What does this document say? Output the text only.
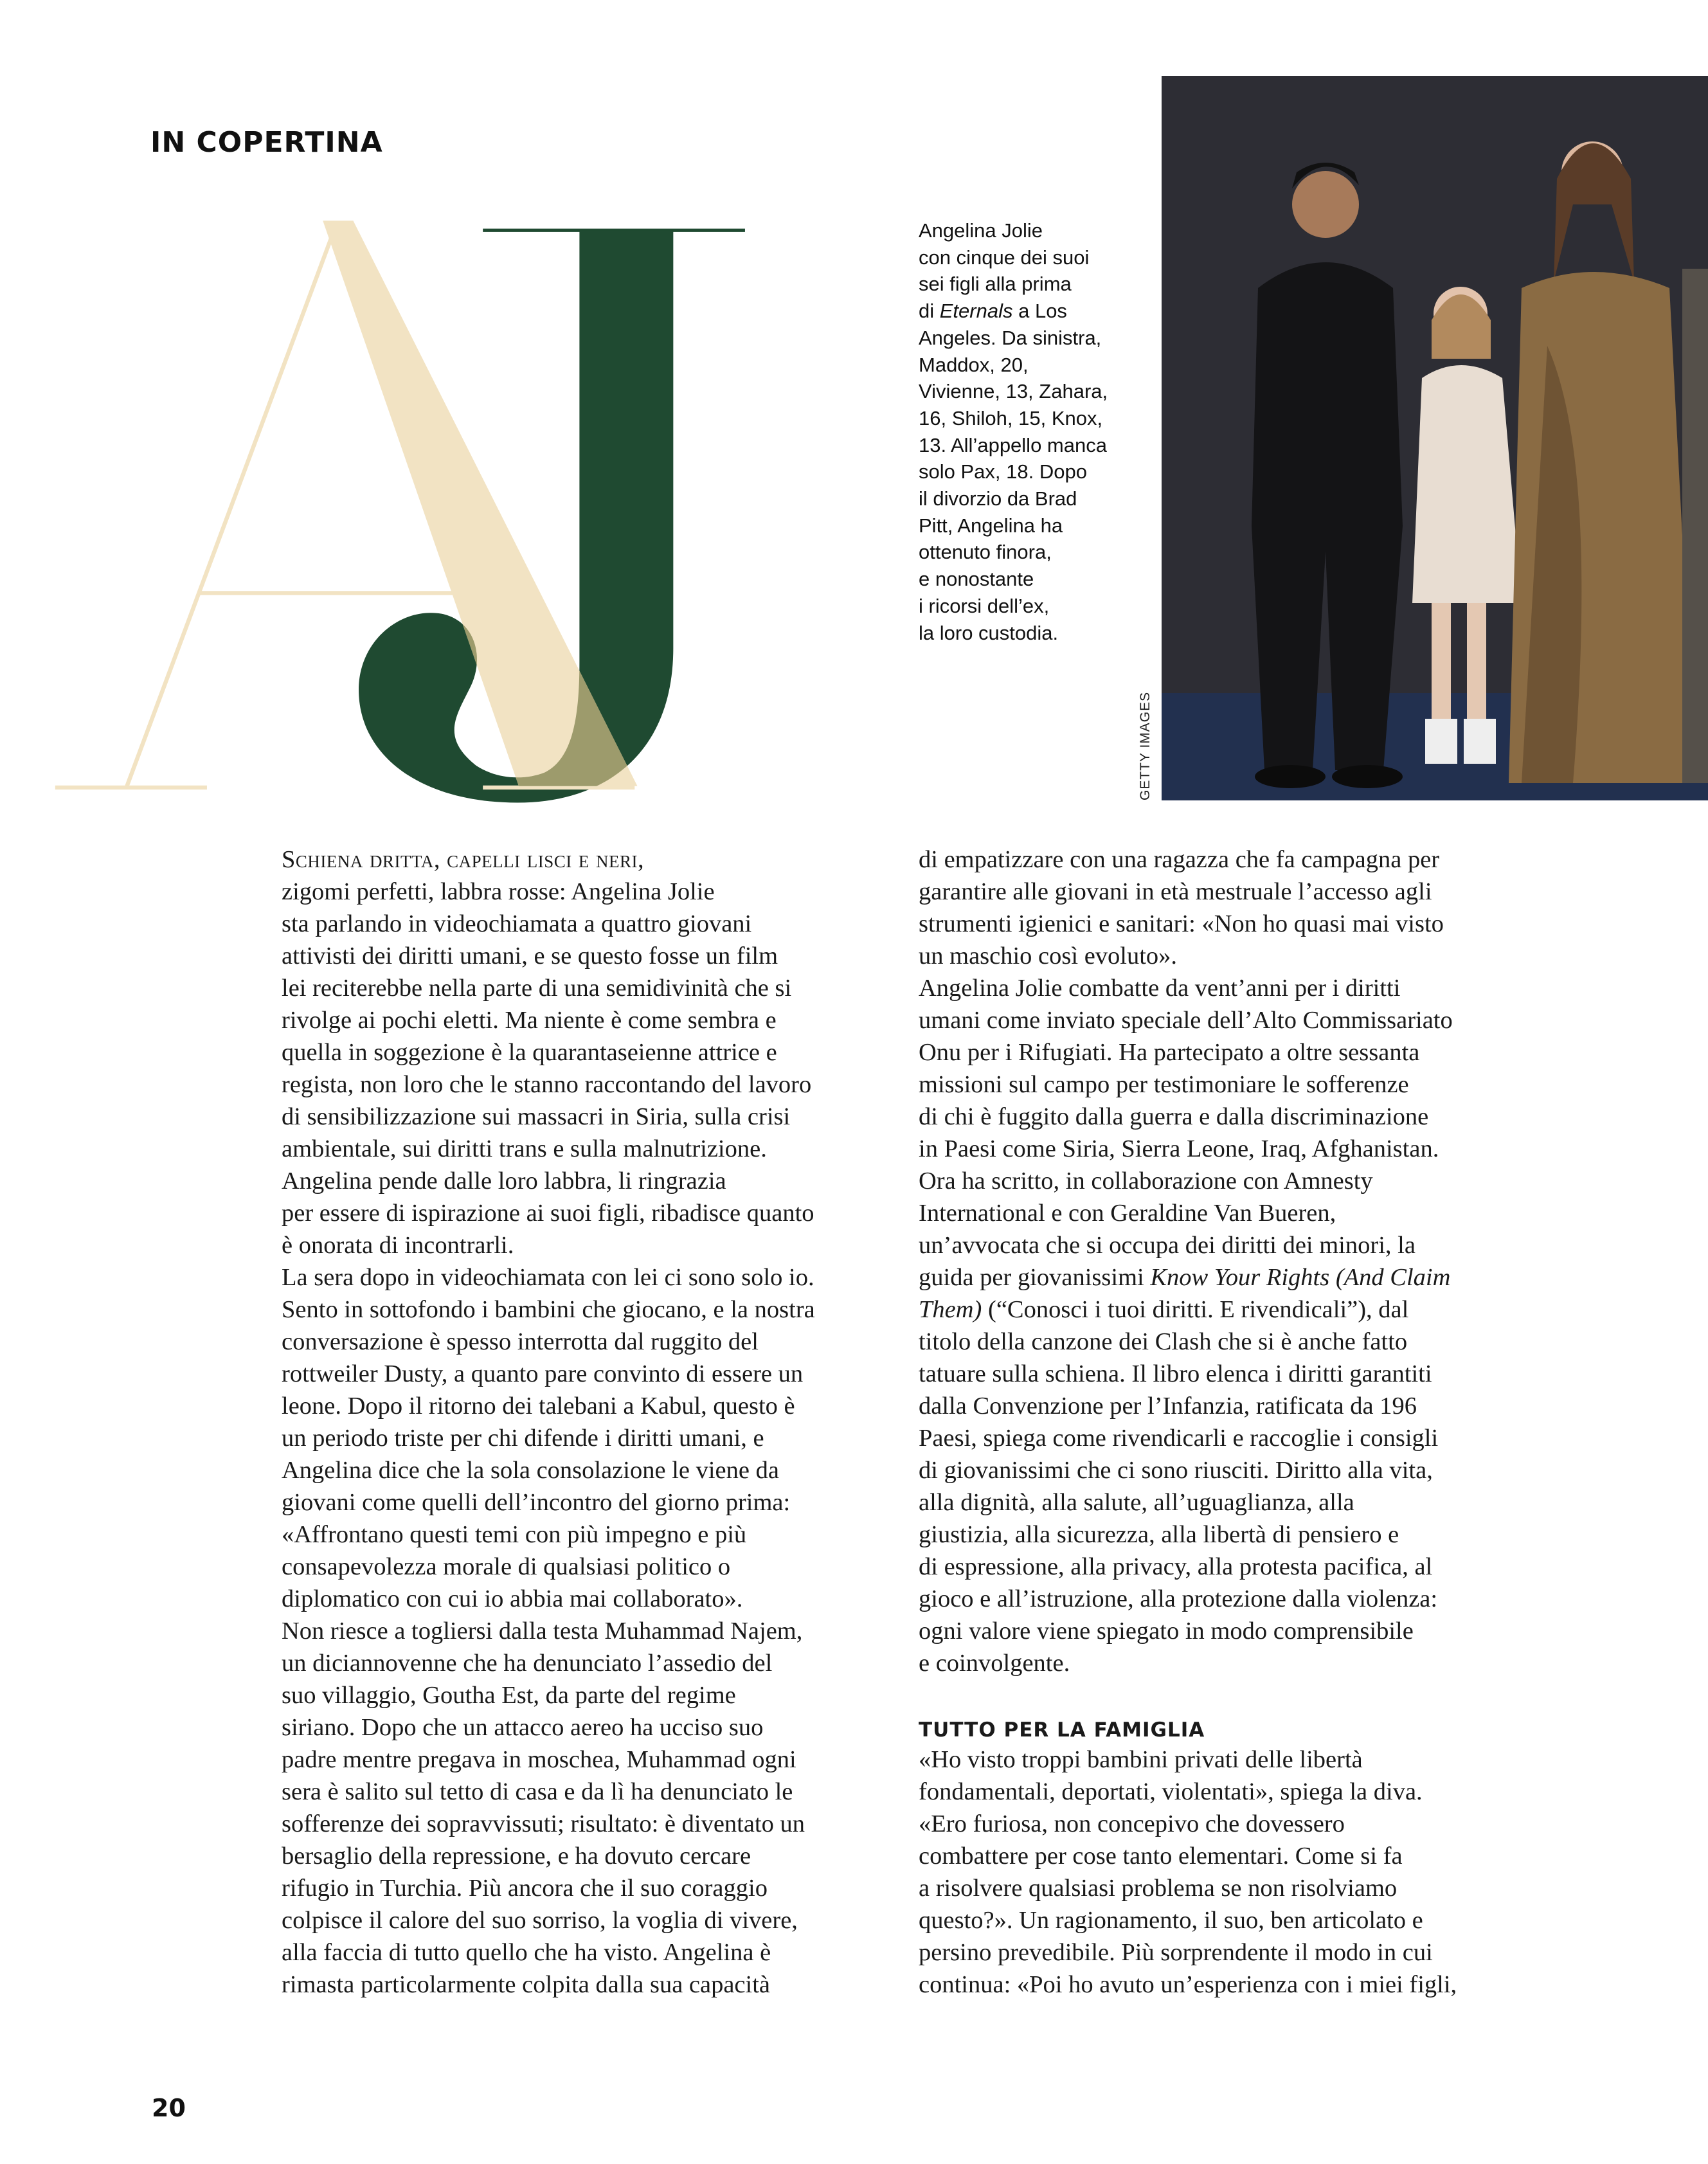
IN COPERTINA
Angelina Jolie
con cinque dei suoi
sei figli alla prima
di Eternals a Los
Angeles. Da sinistra,
Maddox, 20,
Vivienne, 13, Zahara,
16, Shiloh, 15, Knox,
13. All’appello manca
solo Pax, 18. Dopo
il divorzio da Brad
Pitt, Angelina ha
ottenuto finora,
e nonostante
i ricorsi dell’ex,
la loro custodia.
GETTY IMAGES
Schiena dritta, capelli lisci e neri,
zigomi perfetti, labbra rosse: Angelina Jolie
sta parlando in videochiamata a quattro giovani
attivisti dei diritti umani, e se questo fosse un film
lei reciterebbe nella parte di una semidivinità che si
rivolge ai pochi eletti. Ma niente è come sembra e
quella in soggezione è la quarantaseienne attrice e
regista, non loro che le stanno raccontando del lavoro
di sensibilizzazione sui massacri in Siria, sulla crisi
ambientale, sui diritti trans e sulla malnutrizione.
Angelina pende dalle loro labbra, li ringrazia
per essere di ispirazione ai suoi figli, ribadisce quanto
è onorata di incontrarli.
La sera dopo in videochiamata con lei ci sono solo io.
Sento in sottofondo i bambini che giocano, e la nostra
conversazione è spesso interrotta dal ruggito del
rottweiler Dusty, a quanto pare convinto di essere un
leone. Dopo il ritorno dei talebani a Kabul, questo è
un periodo triste per chi difende i diritti umani, e
Angelina dice che la sola consolazione le viene da
giovani come quelli dell’incontro del giorno prima:
«Affrontano questi temi con più impegno e più
consapevolezza morale di qualsiasi politico o
diplomatico con cui io abbia mai collaborato».
Non riesce a togliersi dalla testa Muhammad Najem,
un diciannovenne che ha denunciato l’assedio del
suo villaggio, Goutha Est, da parte del regime
siriano. Dopo che un attacco aereo ha ucciso suo
padre mentre pregava in moschea, Muhammad ogni
sera è salito sul tetto di casa e da lì ha denunciato le
sofferenze dei sopravvissuti; risultato: è diventato un
bersaglio della repressione, e ha dovuto cercare
rifugio in Turchia. Più ancora che il suo coraggio
colpisce il calore del suo sorriso, la voglia di vivere,
alla faccia di tutto quello che ha visto. Angelina è
rimasta particolarmente colpita dalla sua capacità
di empatizzare con una ragazza che fa campagna per
garantire alle giovani in età mestruale l’accesso agli
strumenti igienici e sanitari: «Non ho quasi mai visto
un maschio così evoluto».
Angelina Jolie combatte da vent’anni per i diritti
umani come inviato speciale dell’Alto Commissariato
Onu per i Rifugiati. Ha partecipato a oltre sessanta
missioni sul campo per testimoniare le sofferenze
di chi è fuggito dalla guerra e dalla discriminazione
in Paesi come Siria, Sierra Leone, Iraq, Afghanistan.
Ora ha scritto, in collaborazione con Amnesty
International e con Geraldine Van Bueren,
un’avvocata che si occupa dei diritti dei minori, la
guida per giovanissimi Know Your Rights (And Claim
Them) (“Conosci i tuoi diritti. E rivendicali”), dal
titolo della canzone dei Clash che si è anche fatto
tatuare sulla schiena. Il libro elenca i diritti garantiti
dalla Convenzione per l’Infanzia, ratificata da 196
Paesi, spiega come rivendicarli e raccoglie i consigli
di giovanissimi che ci sono riusciti. Diritto alla vita,
alla dignità, alla salute, all’uguaglianza, alla
giustizia, alla sicurezza, alla libertà di pensiero e
di espressione, alla privacy, alla protesta pacifica, al
gioco e all’istruzione, alla protezione dalla violenza:
ogni valore viene spiegato in modo comprensibile
e coinvolgente.
TUTTO PER LA FAMIGLIA
«Ho visto troppi bambini privati delle libertà
fondamentali, deportati, violentati», spiega la diva.
«Ero furiosa, non concepivo che dovessero
combattere per cose tanto elementari. Come si fa
a risolvere qualsiasi problema se non risolviamo
questo?». Un ragionamento, il suo, ben articolato e
persino prevedibile. Più sorprendente il modo in cui
continua: «Poi ho avuto un’esperienza con i miei figli,
20
